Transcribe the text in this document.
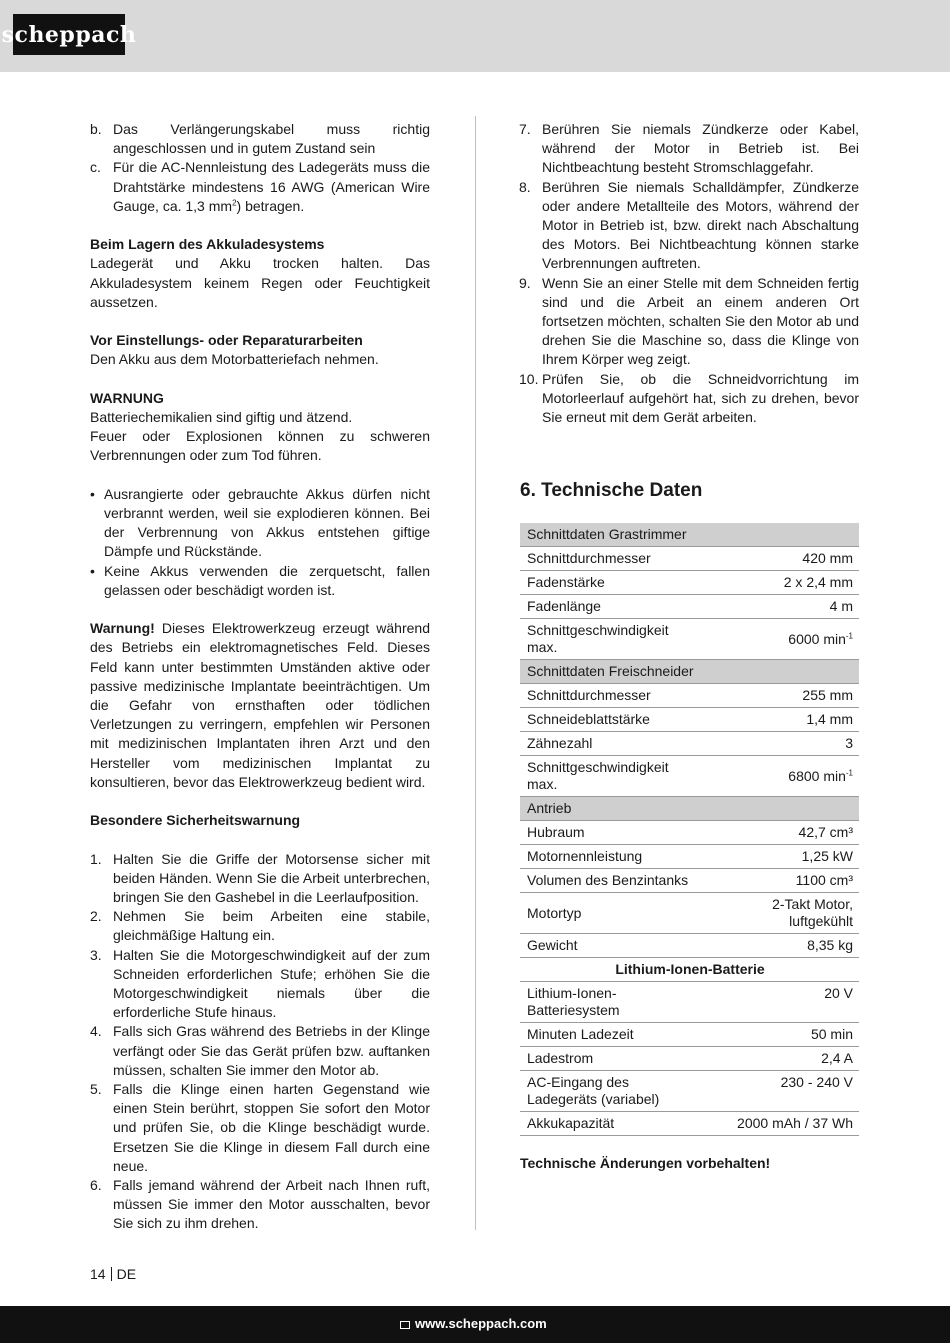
scheppach
b. Das Verlängerungskabel muss richtig angeschlossen und in gutem Zustand sein
c. Für die AC-Nennleistung des Ladegeräts muss die Drahtstärke mindestens 16 AWG (American Wire Gauge, ca. 1,3 $mm^2$) betragen.

Beim Lagern des Akkuladesystems

Ladegerät und Akku trocken halten. Das Akkuladesystem keinem Regen oder Feuchtigkeit aussetzen.

Vor Einstellungs- oder Reparaturarbeiten

Den Akku aus dem Motorbatteriefach nehmen.

WARNUNG

Batteriechemikalien sind giftig und ätzend.

Feuer oder Explosionen können zu schweren Verbrennungen oder zum Tod führen.

• Ausrangierte oder gebrauchte Akkus dürfen nicht verbrannt werden, weil sie explodieren können. Bei der Verbrennung von Akkus entstehen giftige Dämpfe und Rückstände.
• Keine Akkus verwenden die zerquetscht, fallen gelassen oder beschädigt worden ist.

Warnung! Dieses Elektrowerkzeug erzeugt während des Betriebs ein elektromagnetisches Feld. Dieses Feld kann unter bestimmten Umständen aktive oder passive medizinische Implantate beeinträchtigen. Um die Gefahr von ernsthaften oder tödlichen Verletzungen zu verringern, empfehlen wir Personen mit medizinischen Implantaten ihren Arzt und den Hersteller vom medizinischen Implantat zu konsultieren, bevor das Elektrowerkzeug bedient wird.

Besondere Sicherheitswarnung

1. Halten Sie die Griffe der Motorsense sicher mit beiden Händen. Wenn Sie die Arbeit unterbrechen, bringen Sie den Gashebel in die Leerlaufposition.
2. Nehmen Sie beim Arbeiten eine stabile, gleichmäßige Haltung ein.
3. Halten Sie die Motorgeschwindigkeit auf der zum Schneiden erforderlichen Stufe; erhöhen Sie die Motorgeschwindigkeit niemals über die erforderliche Stufe hinaus.
4. Falls sich Gras während des Betriebs in der Klinge verfängt oder Sie das Gerät prüfen bzw. auftanken müssen, schalten Sie immer den Motor ab.
5. Falls die Klinge einen harten Gegenstand wie einen Stein berührt, stoppen Sie sofort den Motor und prüfen Sie, ob die Klinge beschädigt wurde. Ersetzen Sie die Klinge in diesem Fall durch eine neue.
6. Falls jemand während der Arbeit nach Ihnen ruft, müssen Sie immer den Motor ausschalten, bevor Sie sich zu ihm drehen.
7. Berühren Sie niemals Zündkerze oder Kabel, während der Motor in Betrieb ist. Bei Nichtbeachtung besteht Stromschlaggefahr.
8. Berühren Sie niemals Schalldämpfer, Zündkerze oder andere Metallteile des Motors, während der Motor in Betrieb ist, bzw. direkt nach Abschaltung des Motors. Bei Nichtbeachtung können starke Verbrennungen auftreten.
9. Wenn Sie an einer Stelle mit dem Schneiden fertig sind und die Arbeit an einem anderen Ort fortsetzen möchten, schalten Sie den Motor ab und drehen Sie die Maschine so, dass die Klinge von Ihrem Körper weg zeigt.
10. Prüfen Sie, ob die Schneidvorrichtung im Motorleerlauf aufgehört hat, sich zu drehen, bevor Sie erneut mit dem Gerät arbeiten.
6. Technische Daten
Schnittdaten Grastrimmer	
Schnittdurchmesser	420 mm
Fadenstärke	2 x 2,4 mm
Fadenlänge	4 m
Schnittgeschwindigkeit max.	6000 $\min^{-1}$
Schnittdaten Freischneider	
Schnittdurchmesser	255 mm
Schneideblattstärke	1,4 mm
Zähnezahl	3
Schnittgeschwindigkeit max.	6800 $\min^{-1}$
Antrieb	
Hubraum	42,7 cm³
Motornennleistung	1,25 kW
Volumen des Benzintanks	1100 cm³
Motortyp	2-Takt Motor, luftgekühlt
Gewicht	8,35 kg
Lithium-Ionen-Batterie	
Lithium-Ionen-Batteriesystem	20 V
Minuten Ladezeit	50 min
Ladestrom	2,4 A
AC-Eingang des Ladegeräts (variabel)	230 - 240 V
Akkukapazität	2000 mAh / 37 Wh
Technische Änderungen vorbehalten!
14 DE
www.scheppach.com
